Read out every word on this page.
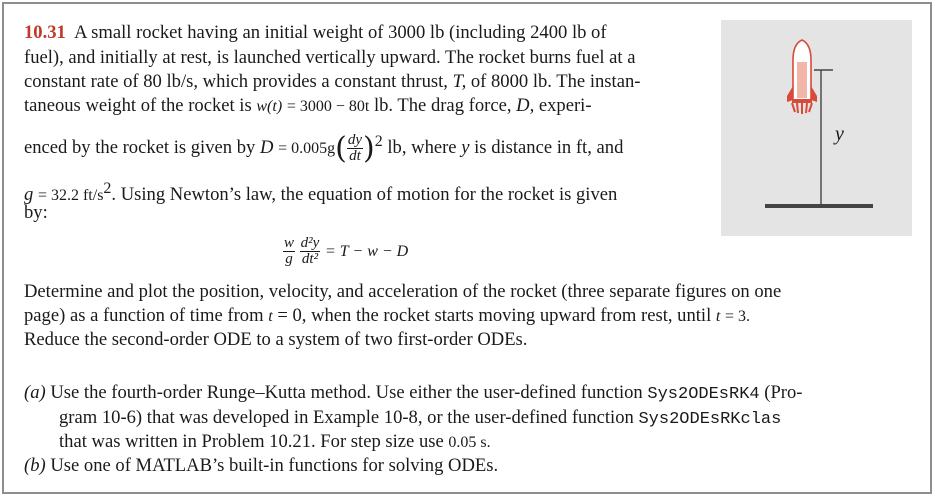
10.31 A small rocket having an initial weight of 3000 lb (including 2400 lb of
fuel), and initially at rest, is launched vertically upward. The rocket burns fuel at a
constant rate of 80 lb/s, which provides a constant thrust, T, of 8000 lb. The instan-
taneous weight of the rocket is w(t) = 3000 − 80t lb. The drag force, D, experi-
enced by the rocket is given by $D = 0.005g( \frac{dy}{dt} )^2$ lb, where y is distance in ft, and
g = 32.2 $ft/s^2$. Using Newton’s law, the equation of motion for the rocket is given
by:
$\frac{w}{g}$
$\frac{\text{d²y}}{\text{dt²}} = T - w - D$
Determine and plot the position, velocity, and acceleration of the rocket (three separate figures on one
page) as a function of time from t = 0, when the rocket starts moving upward from rest, until t = 3.
Reduce the second-order ODE to a system of two first-order ODEs.
(a) Use the fourth-order Runge–Kutta method. Use either the user-defined function Sys2ODEsRK4 (Pro-
gram 10-6) that was developed in Example 10-8, or the user-defined function Sys2ODEsRKclas
that was written in Problem 10.21. For step size use 0.05 s.
(b) Use one of MATLAB’s built-in functions for solving ODEs.
y
